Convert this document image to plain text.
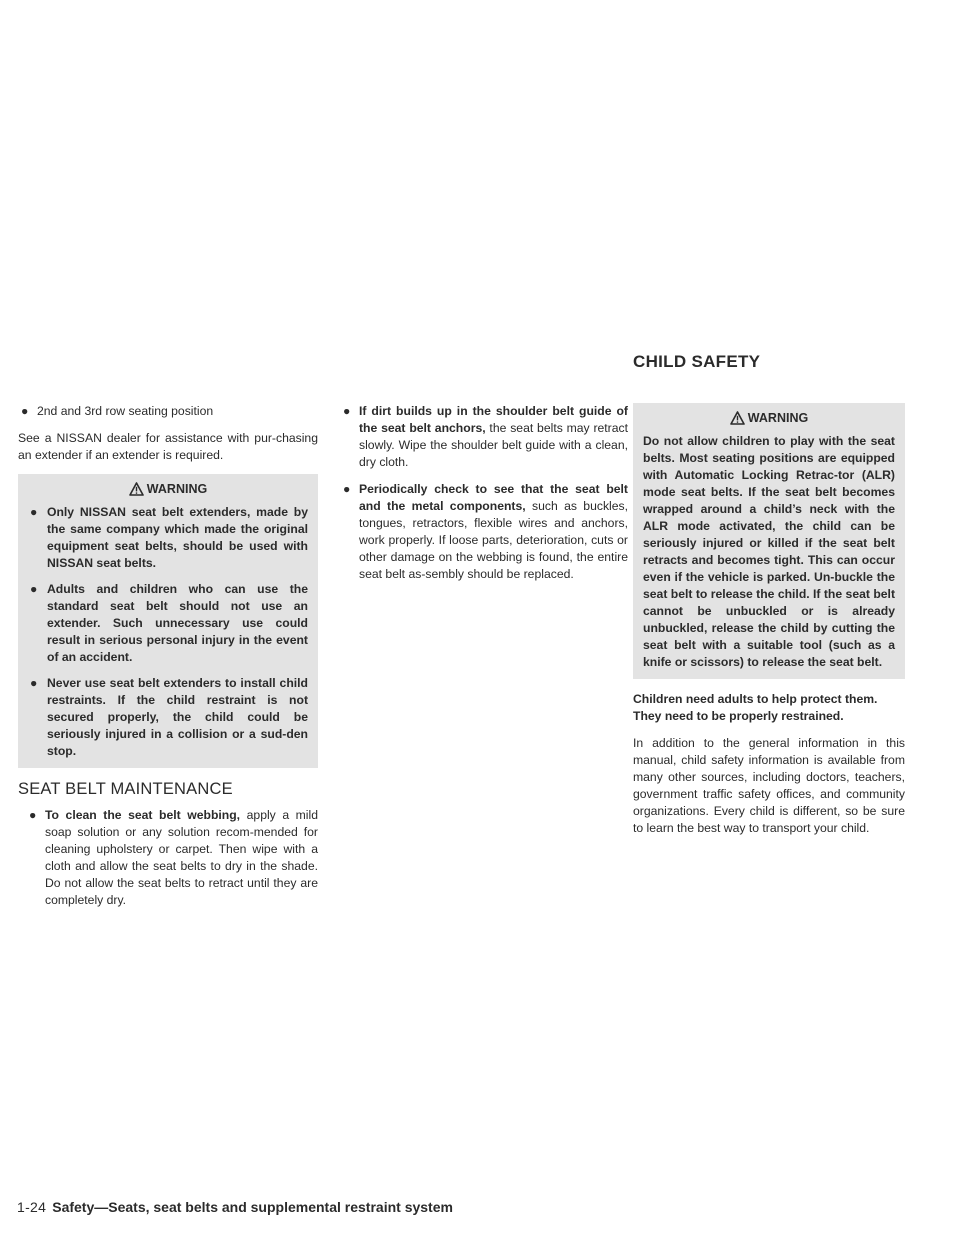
CHILD SAFETY
● 2nd and 3rd row seating position

See a NISSAN dealer for assistance with pur-chasing an extender if an extender is required.

WARNING
● Only NISSAN seat belt extenders, made by the same company which made the original equipment seat belts, should be used with NISSAN seat belts.
● Adults and children who can use the standard seat belt should not use an extender. Such unnecessary use could result in serious personal injury in the event of an accident.
● Never use seat belt extenders to install child restraints. If the child restraint is not secured properly, the child could be seriously injured in a collision or a sud-den stop.
SEAT BELT MAINTENANCE
● To clean the seat belt webbing, apply a mild soap solution or any solution recom-mended for cleaning upholstery or carpet. Then wipe with a cloth and allow the seat belts to dry in the shade. Do not allow the seat belts to retract until they are completely dry.
● If dirt builds up in the shoulder belt guide of the seat belt anchors, the seat belts may retract slowly. Wipe the shoulder belt guide with a clean, dry cloth.
● Periodically check to see that the seat belt and the metal components, such as buckles, tongues, retractors, flexible wires and anchors, work properly. If loose parts, deterioration, cuts or other damage on the webbing is found, the entire seat belt as-sembly should be replaced.
WARNING

Do not allow children to play with the seat belts. Most seating positions are equipped with Automatic Locking Retrac-tor (ALR) mode seat belts. If the seat belt becomes wrapped around a child’s neck with the ALR mode activated, the child can be seriously injured or killed if the seat belt retracts and becomes tight. This can occur even if the vehicle is parked. Un-buckle the seat belt to release the child. If the seat belt cannot be unbuckled or is already unbuckled, release the child by cutting the seat belt with a suitable tool (such as a knife or scissors) to release the seat belt.

Children need adults to help protect them. They need to be properly restrained.

In addition to the general information in this manual, child safety information is available from many other sources, including doctors, teachers, government traffic safety offices, and community organizations. Every child is different, so be sure to learn the best way to transport your child.

1-24 Safety—Seats, seat belts and supplemental restraint system
